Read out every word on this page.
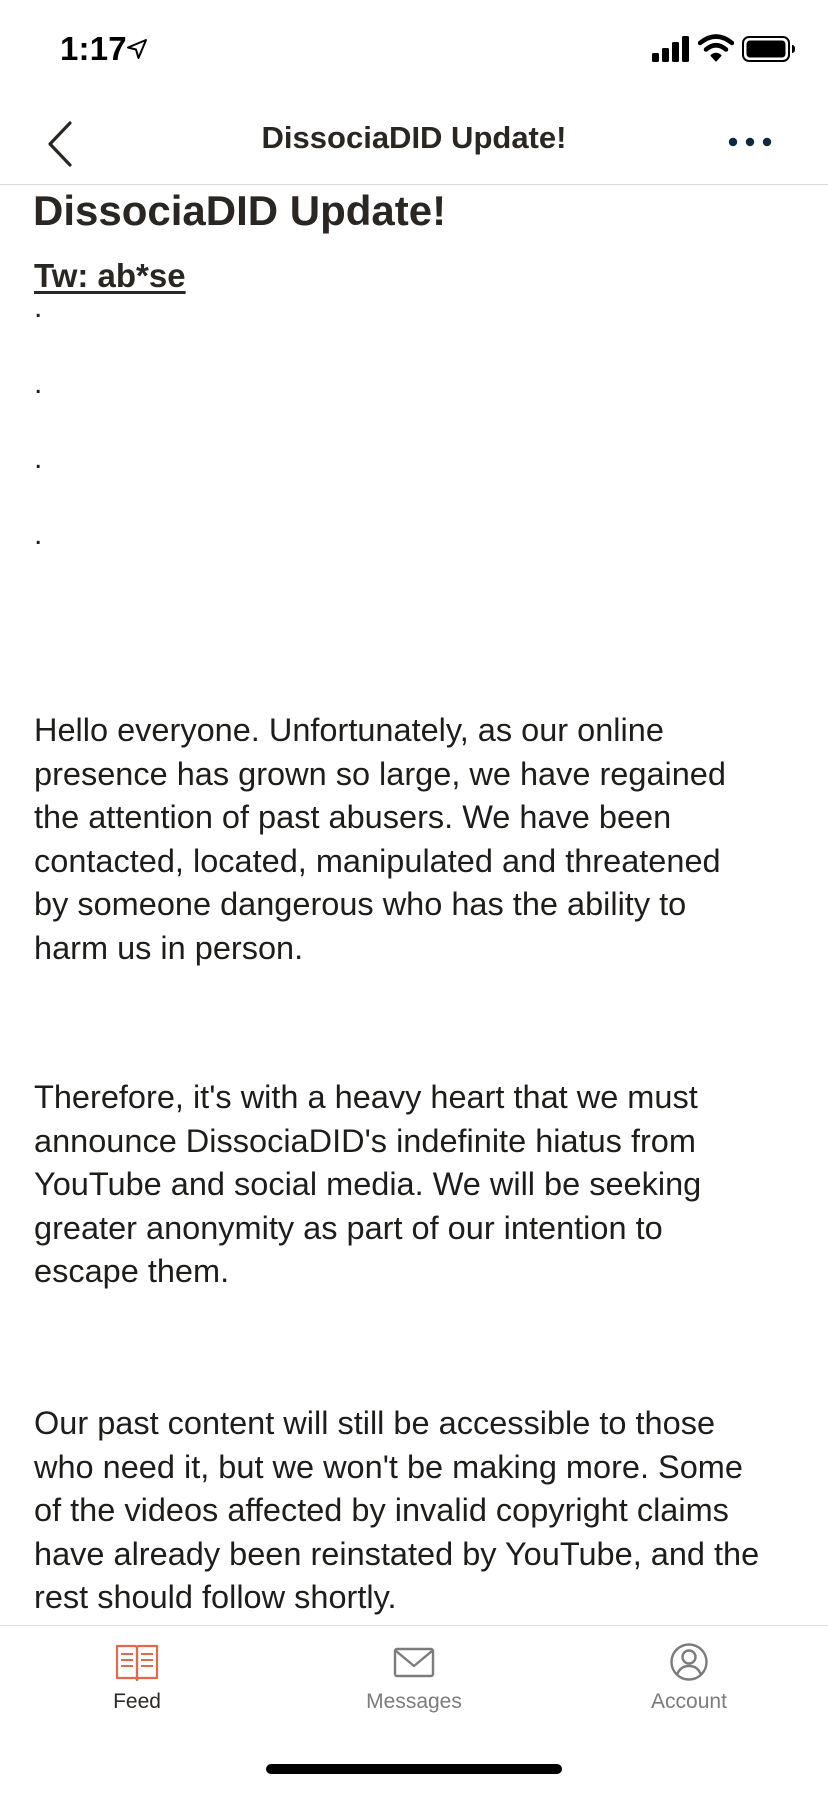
1:17
DissociaDID Update!
DissociaDID Update!
Tw: ab*se
.
.
.
.

Hello everyone. Unfortunately, as our online
presence has grown so large, we have regained
the attention of past abusers. We have been
contacted, located, manipulated and threatened
by someone dangerous who has the ability to
harm us in person.

Therefore, it's with a heavy heart that we must
announce DissociaDID's indefinite hiatus from
YouTube and social media. We will be seeking
greater anonymity as part of our intention to
escape them.

Our past content will still be accessible to those
who need it, but we won't be making more. Some
of the videos affected by invalid copyright claims
have already been reinstated by YouTube, and the
rest should follow shortly.

Feed	Messages	Account
